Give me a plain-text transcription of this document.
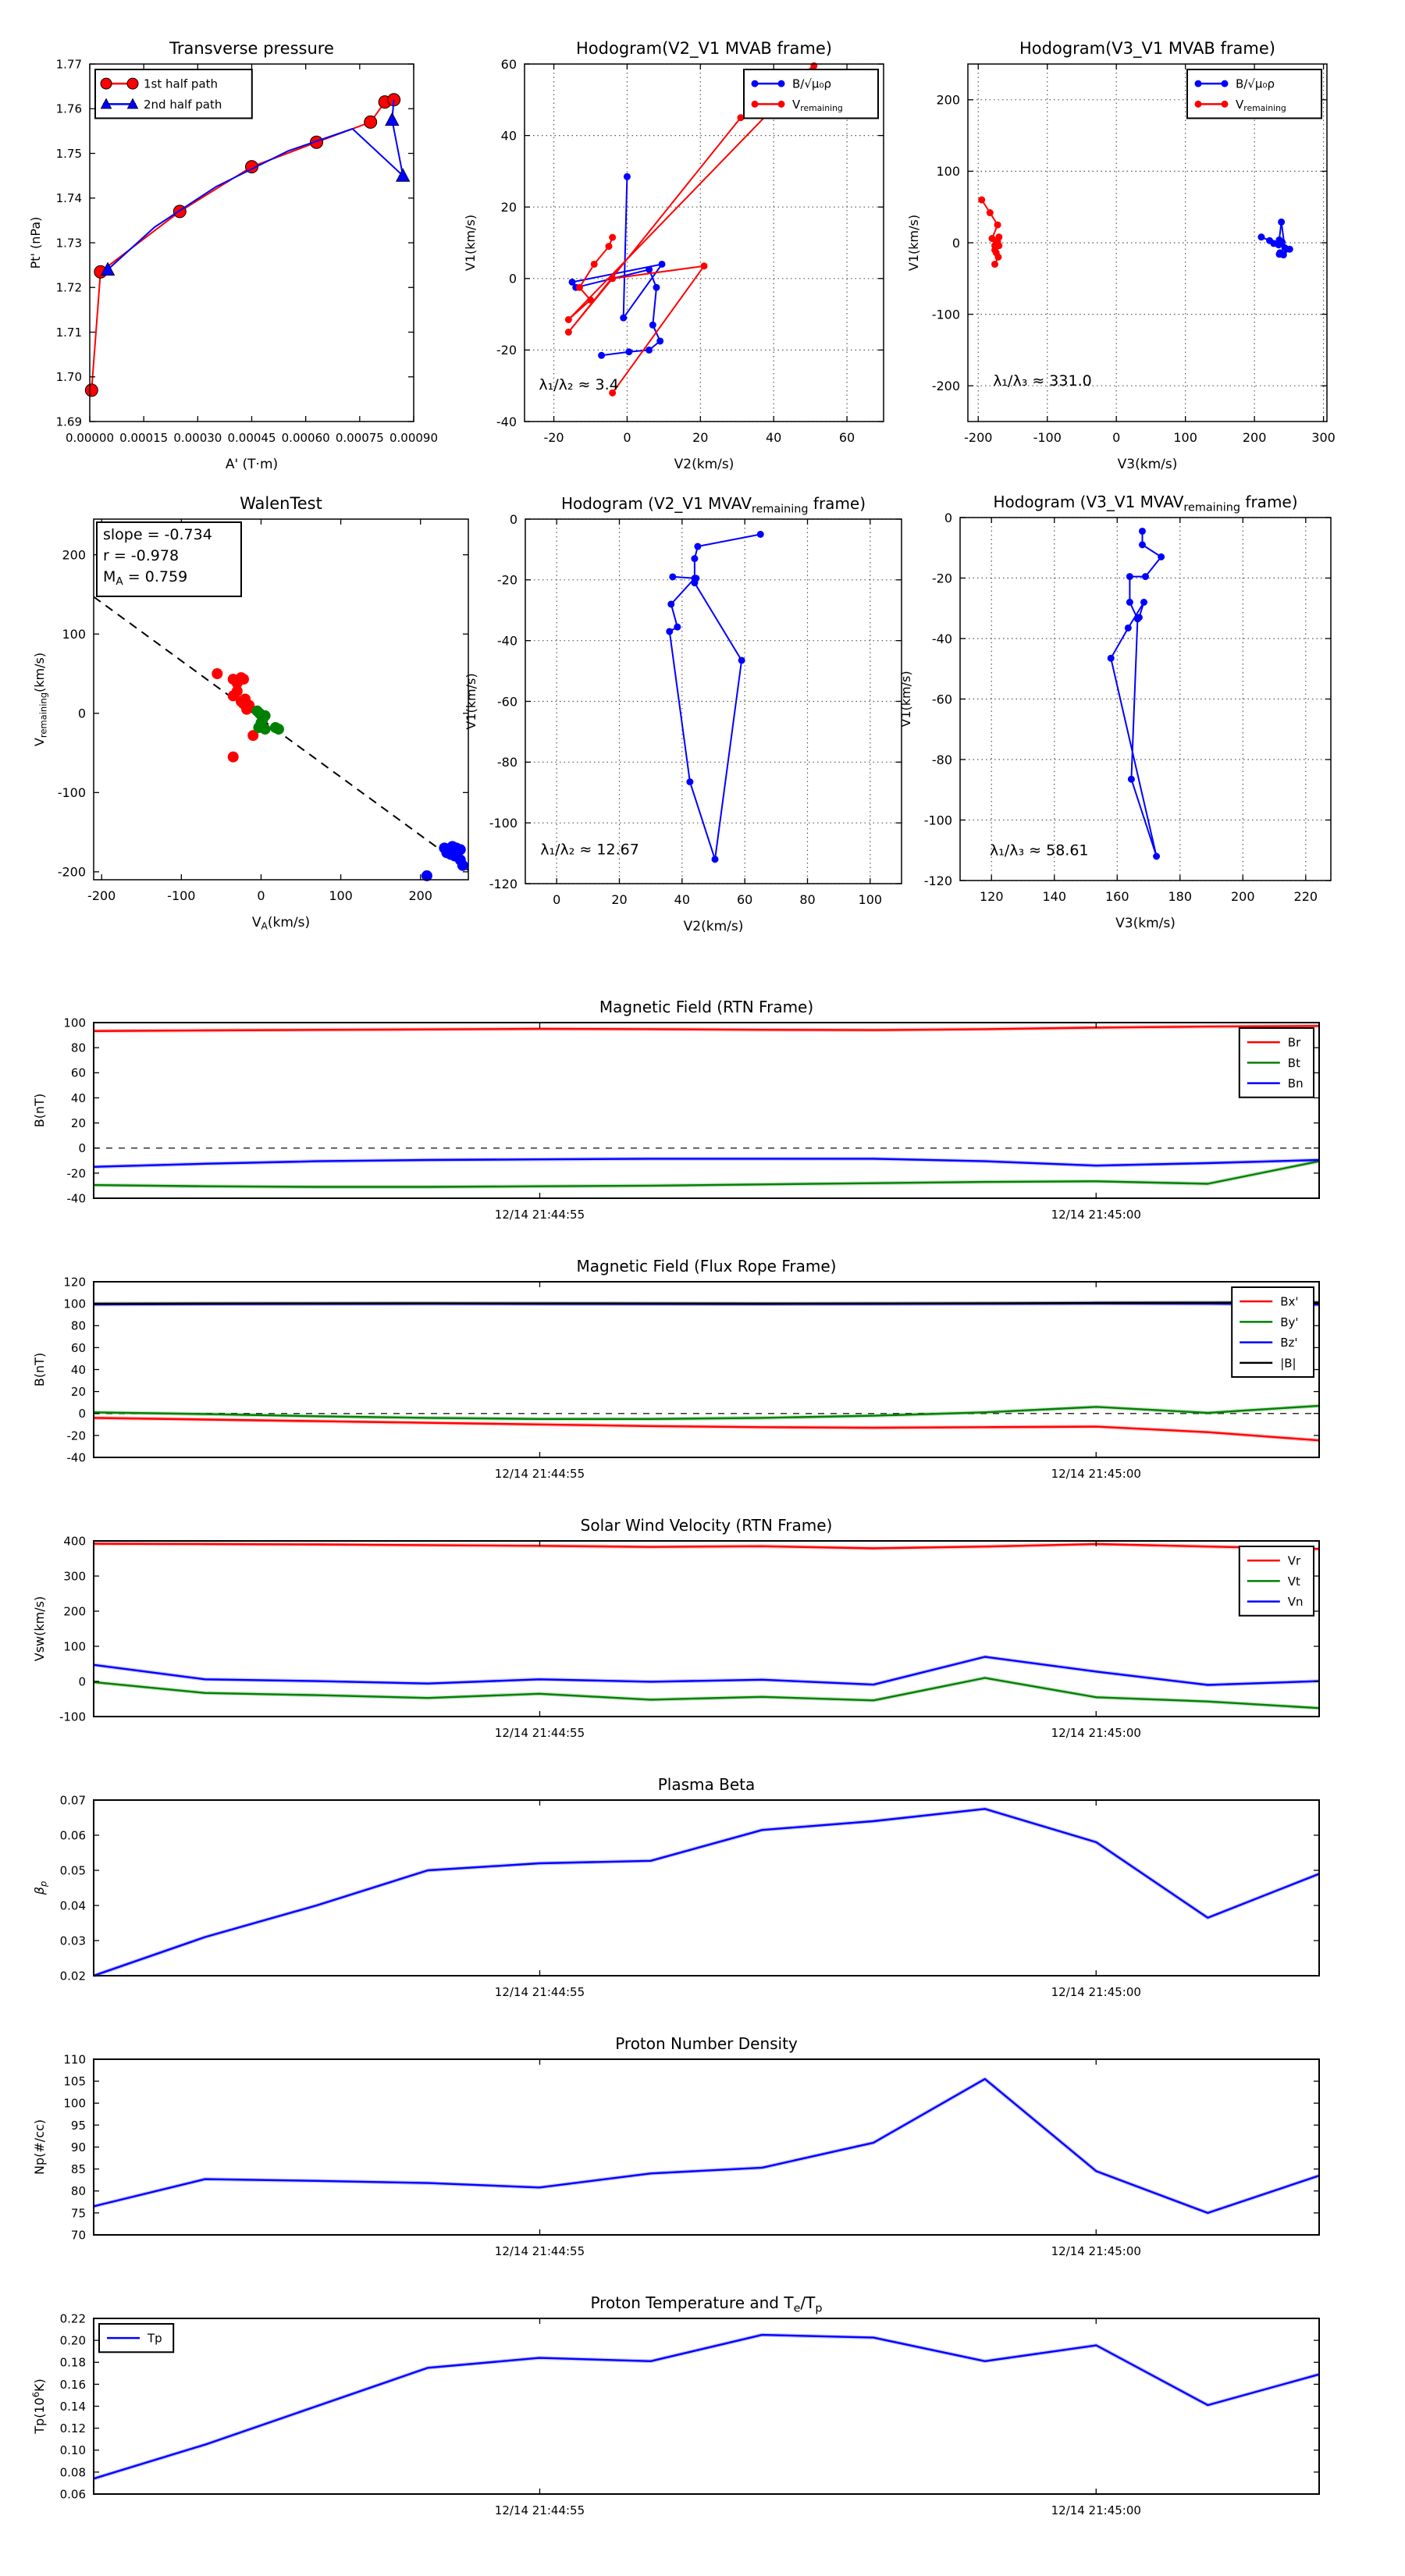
0.00000 0.00015 0.00030 0.00045 0.00060 0.00075 0.00090
1.69
1.70
1.71
1.72
1.73
1.74
1.75
1.76
1.77
Transverse pressure
A' (T·m)
Pt' (nPa)
1st half path
2nd half path
-20	0	20	40	60
-40
-20
0
20
40
60
Hodogram(V2_V1 MVAB frame)
V2(km/s)
V1(km/s)
λ₁/λ₂ ≈ 3.4
B/√μ₀ρ
$V_{remaining}$
-200	-100	0	100	200	300
-200
-100
0
100
200
Hodogram(V3_V1 MVAB frame)
V3(km/s)
V1(km/s)
λ₁/λ₃ ≈ 331.0
B/√μ₀ρ
$V_{remaining}$
-200	-100	0	100	200
-200
-100
0
100
200
WalenTest
$V_A(km/s)$
$V_{remaining}(km/s)$
slope = -0.734
r = -0.978
$M_A = 0.759$
0	20	40	60	80	100
0
-20
-40
-60
-80
-100
-120
Hodogram (V2_V1 $MVAV_{remaining}$ frame)
V2(km/s)
V1(km/s)
λ₁/λ₂ ≈ 12.67
120	140	160	180	200	220
0
-20
-40
-60
-80
-100
-120
Hodogram (V3_V1 $MVAV_{remaining}$ frame)
V3(km/s)
V1(km/s)
λ₁/λ₃ ≈ 58.61
12/14 21:44:55	12/14 21:45:00
-40
-20
0
20
40
60
80
100
Magnetic Field (RTN Frame)
B(nT)
Br
Bt
Bn
12/14 21:44:55	12/14 21:45:00
-40
-20
0
20
40
60
80
100
120
Magnetic Field (Flux Rope Frame)
B(nT)
Bx'
By'
Bz'
|B|
12/14 21:44:55	12/14 21:45:00
-100
0
100
200
300
400
Solar Wind Velocity (RTN Frame)
Vsw(km/s)
Vr
Vt
Vn
12/14 21:44:55	12/14 21:45:00
0.02
0.03
0.04
0.05
0.06
0.07
Plasma Beta
$\beta_p$
12/14 21:44:55	12/14 21:45:00
70
75
80
85
90
95
100
105
110
Proton Number Density
Np(#/cc)
12/14 21:44:55	12/14 21:45:00
0.06
0.08
0.10
0.12
0.14
0.16
0.18
0.20
0.22
Proton Temperature and $T_e/T_p$
$Tp(10^6K)$
Tp
